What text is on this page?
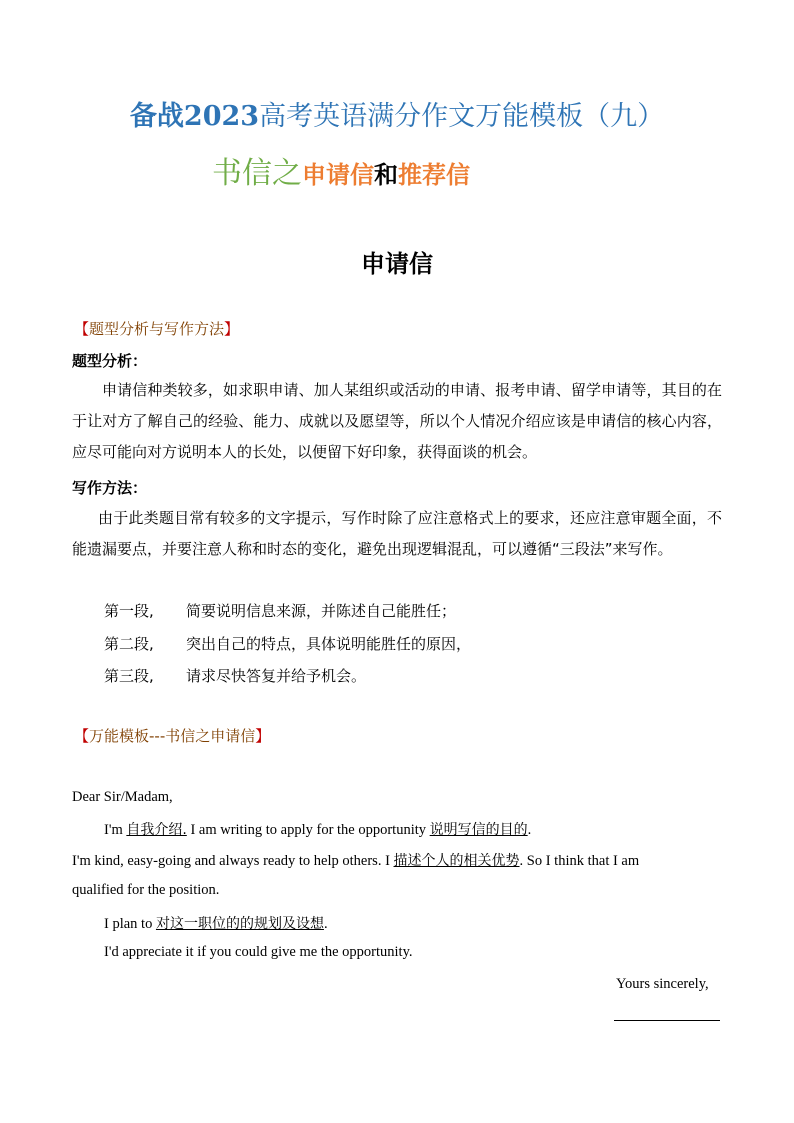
备战2023高考英语满分作文万能模板（九）
书信之申请信和推荐信
申请信
【题型分析与写作方法】
题型分析：
申请信种类较多，如求职申请、加人某组织或活动的申请、报考申请、留学申请等，其目的在于让对方了解自己的经验、能力、成就以及愿望等，所以个人情况介绍应该是申请信的核心内容，应尽可能向对方说明本人的长处，以便留下好印象，获得面谈的机会。
写作方法：
由于此类题目常有较多的文字提示，写作时除了应注意格式上的要求，还应注意审题全面，不能遗漏要点，并要注意人称和时态的变化，避免出现逻辑混乱，可以遵循“三段法”来写作。
第一段, 简要说明信息来源，并陈述自己能胜任；
第二段, 突出自己的特点，具体说明能胜任的原因，
第三段, 请求尽快答复并给予机会。
【万能模板---书信之申请信】
Dear Sir/Madam,
I'm 自我介绍. I am writing to apply for the opportunity 说明写信的目的.
I'm kind, easy-going and always ready to help others. I 描述个人的相关优势. So I think that I am
qualified for the position.
I plan to 对这一职位的的规划及设想.
I'd appreciate it if you could give me the opportunity.
Yours sincerely,
